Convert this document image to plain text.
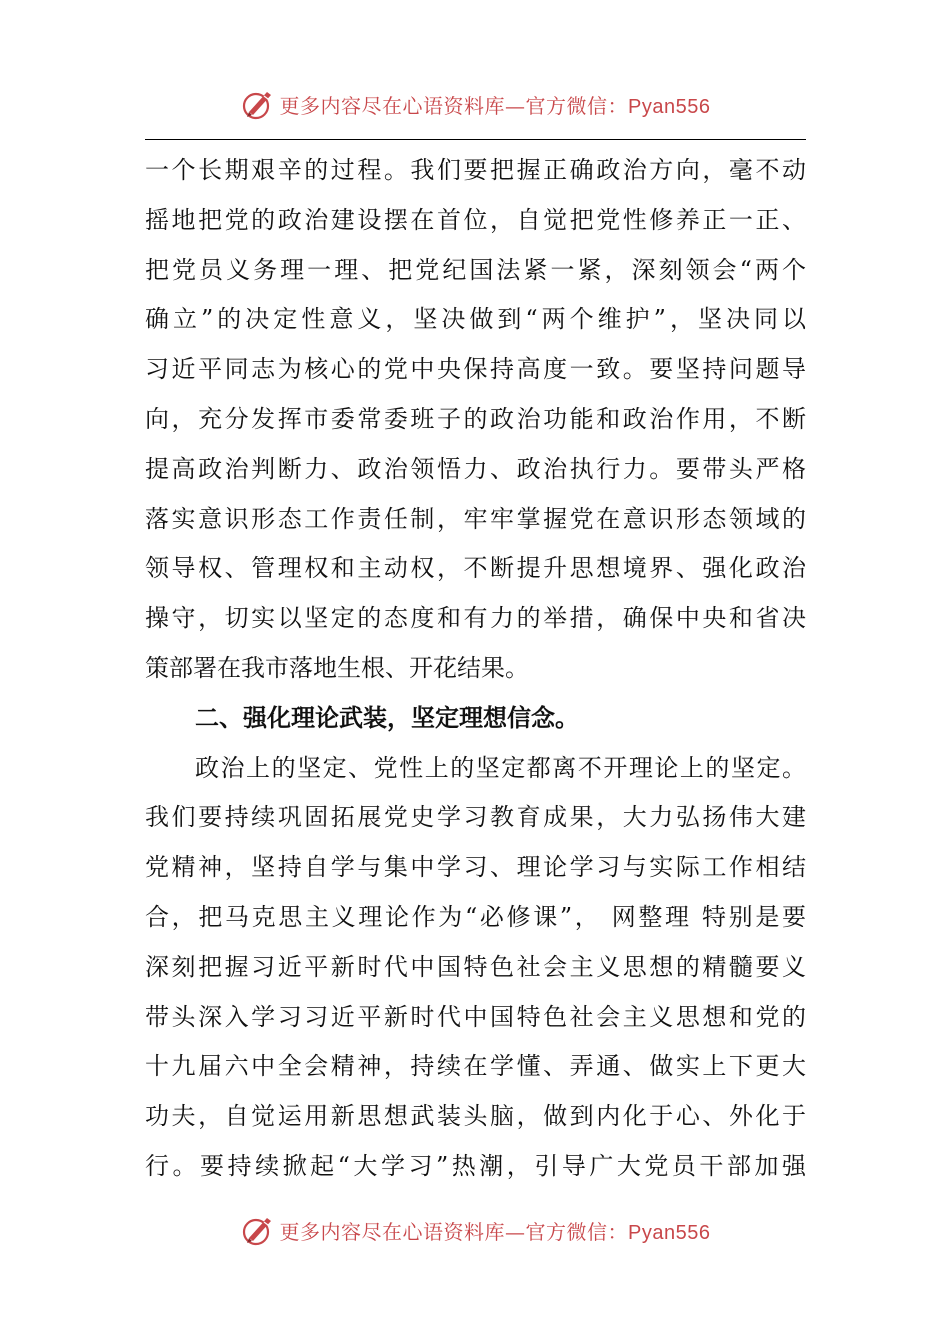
更多内容尽在心语资料库—官方微信：Pyan556
一个长期艰辛的过程。我们要把握正确政治方向，毫不动
摇地把党的政治建设摆在首位，自觉把党性修养正一正、
把党员义务理一理、把党纪国法紧一紧，深刻领会“两个
确立”的决定性意义，坚决做到“两个维护”，坚决同以
习近平同志为核心的党中央保持高度一致。要坚持问题导
向，充分发挥市委常委班子的政治功能和政治作用，不断
提高政治判断力、政治领悟力、政治执行力。要带头严格
落实意识形态工作责任制，牢牢掌握党在意识形态领域的
领导权、管理权和主动权，不断提升思想境界、强化政治
操守，切实以坚定的态度和有力的举措，确保中央和省决
策部署在我市落地生根、开花结果。
二、强化理论武装，坚定理想信念。
政治上的坚定、党性上的坚定都离不开理论上的坚定。
我们要持续巩固拓展党史学习教育成果，大力弘扬伟大建
党精神，坚持自学与集中学习、理论学习与实际工作相结
合，把马克思主义理论作为“必修课”， 网整理 特别是要
深刻把握习近平新时代中国特色社会主义思想的精髓要义
带头深入学习习近平新时代中国特色社会主义思想和党的
十九届六中全会精神，持续在学懂、弄通、做实上下更大
功夫，自觉运用新思想武装头脑，做到内化于心、外化于
行。要持续掀起“大学习”热潮，引导广大党员干部加强
更多内容尽在心语资料库—官方微信：Pyan556
